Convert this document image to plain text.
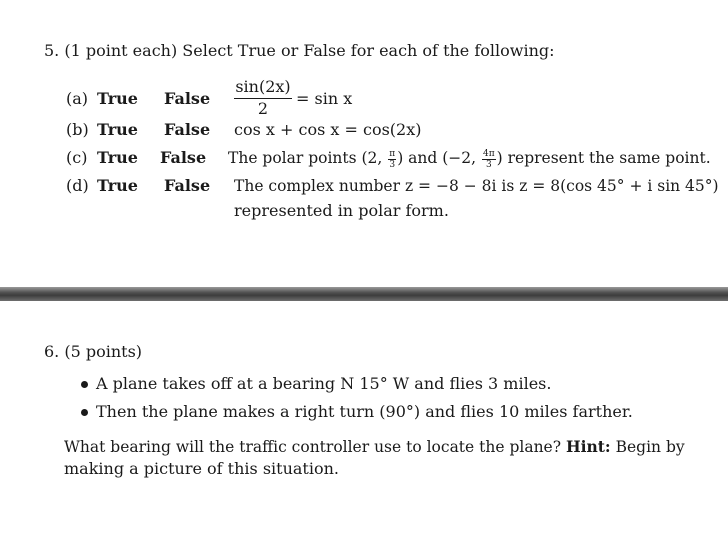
5. (1 point each) Select True or False for each of the following:
(a) True False
sin(2x)
2
= sin x
(b) True False cos x + cos x = cos(2x)
(c) True False The polar points (2, $\frac{\pi}{3}$ ) and (−2, $\frac{4\pi}{3}$ ) represent the same point.
(d) True False The complex number z = −8 − 8i is z = 8(cos 45° + i sin 45°)
represented in polar form.
6. (5 points)
A plane takes off at a bearing N 15° W and flies 3 miles.
Then the plane makes a right turn (90°) and flies 10 miles farther.
What bearing will the traffic controller use to locate the plane? Hint: Begin by
making a picture of this situation.
